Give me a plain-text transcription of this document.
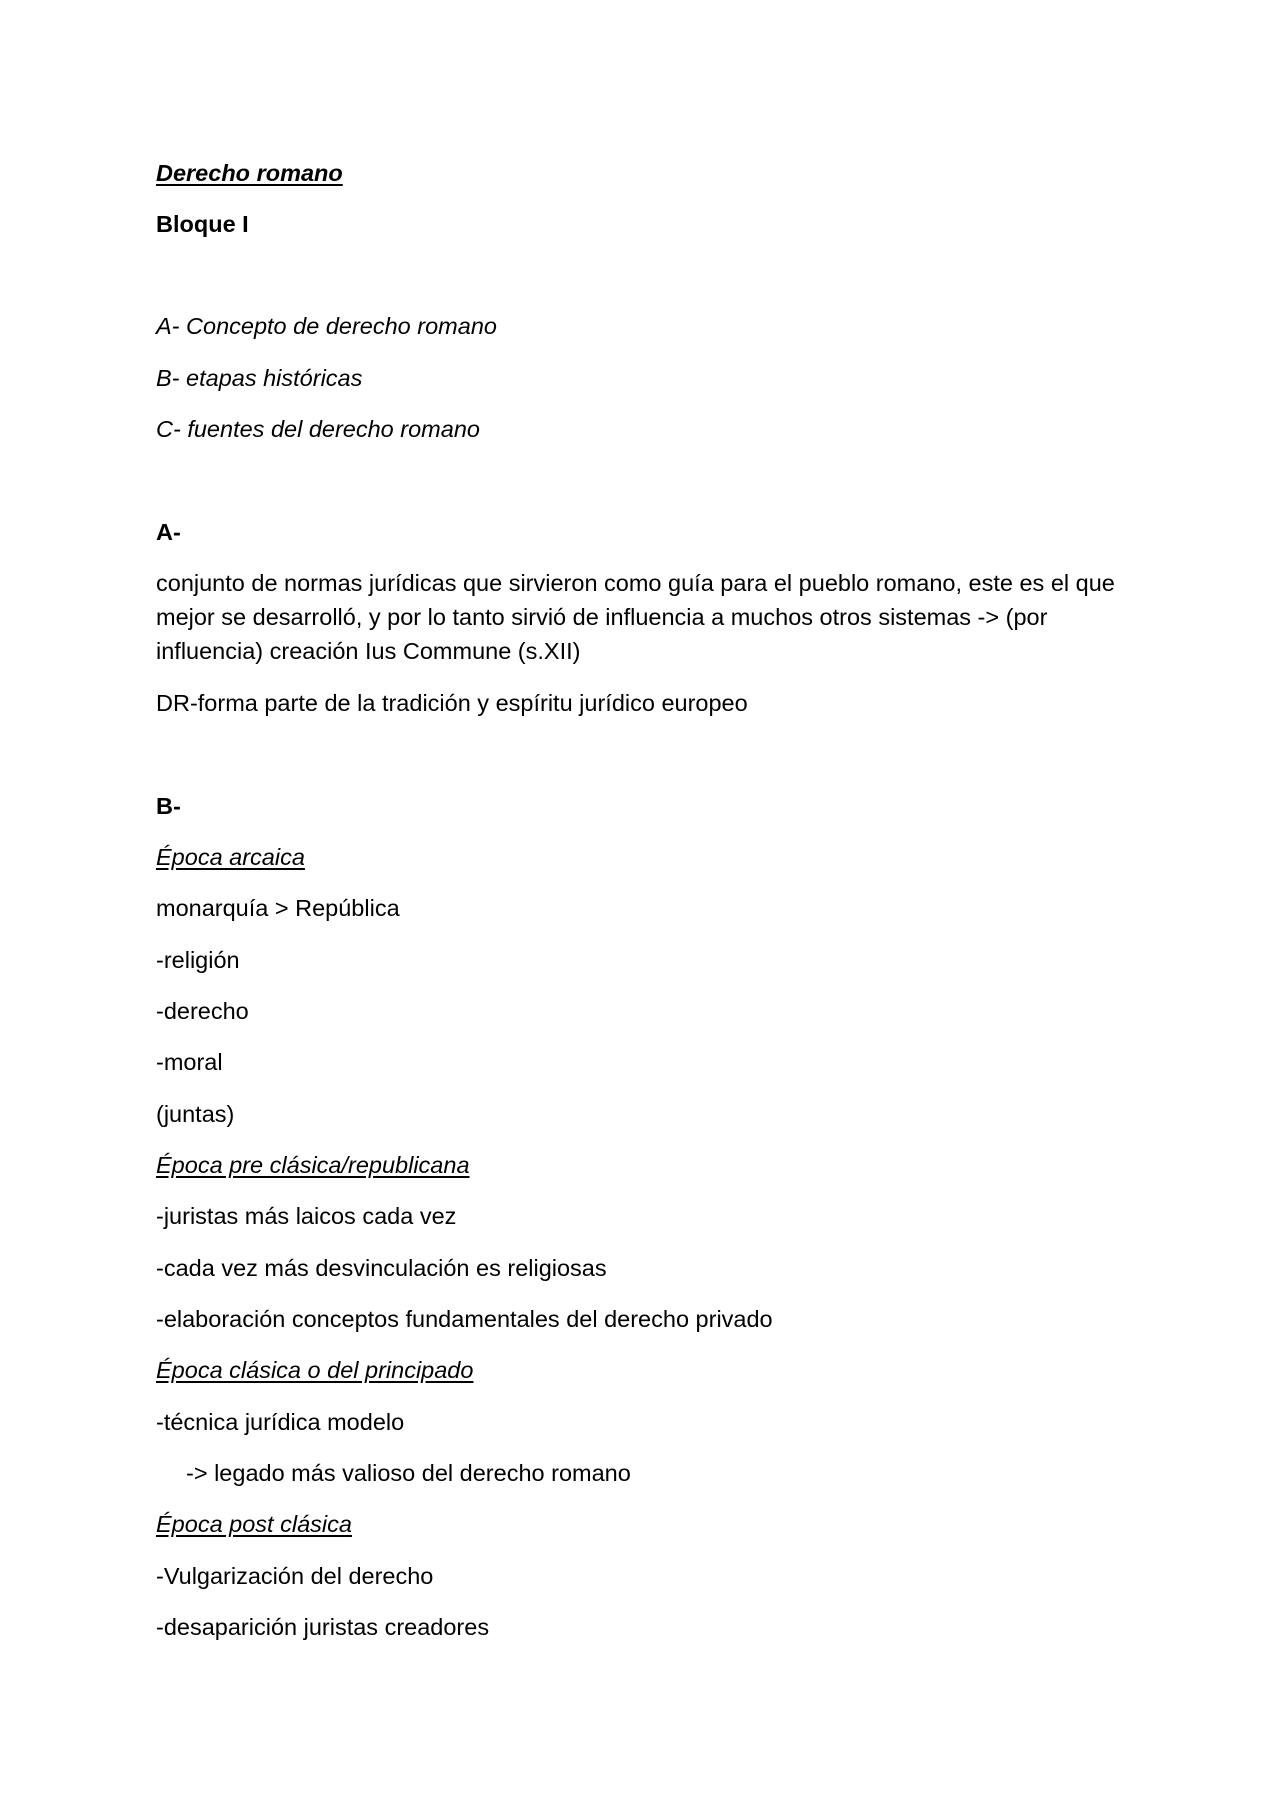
Derecho romano
Bloque I
A- Concepto de derecho romano
B- etapas históricas
C- fuentes del derecho romano
A-
conjunto de normas jurídicas que sirvieron como guía para el pueblo romano, este es el que mejor se desarrolló, y por lo tanto sirvió de influencia a muchos otros sistemas -> (por influencia) creación Ius Commune (s.XII)
DR-forma parte de la tradición y espíritu jurídico europeo
B-
Época arcaica
monarquía > República
-religión
-derecho
-moral
(juntas)
Época pre clásica/republicana
-juristas más laicos cada vez
-cada vez más desvinculación es religiosas
-elaboración conceptos fundamentales del derecho privado
Época clásica o del principado
-técnica jurídica modelo
-> legado más valioso del derecho romano
Época post clásica
-Vulgarización del derecho
-desaparición juristas creadores
